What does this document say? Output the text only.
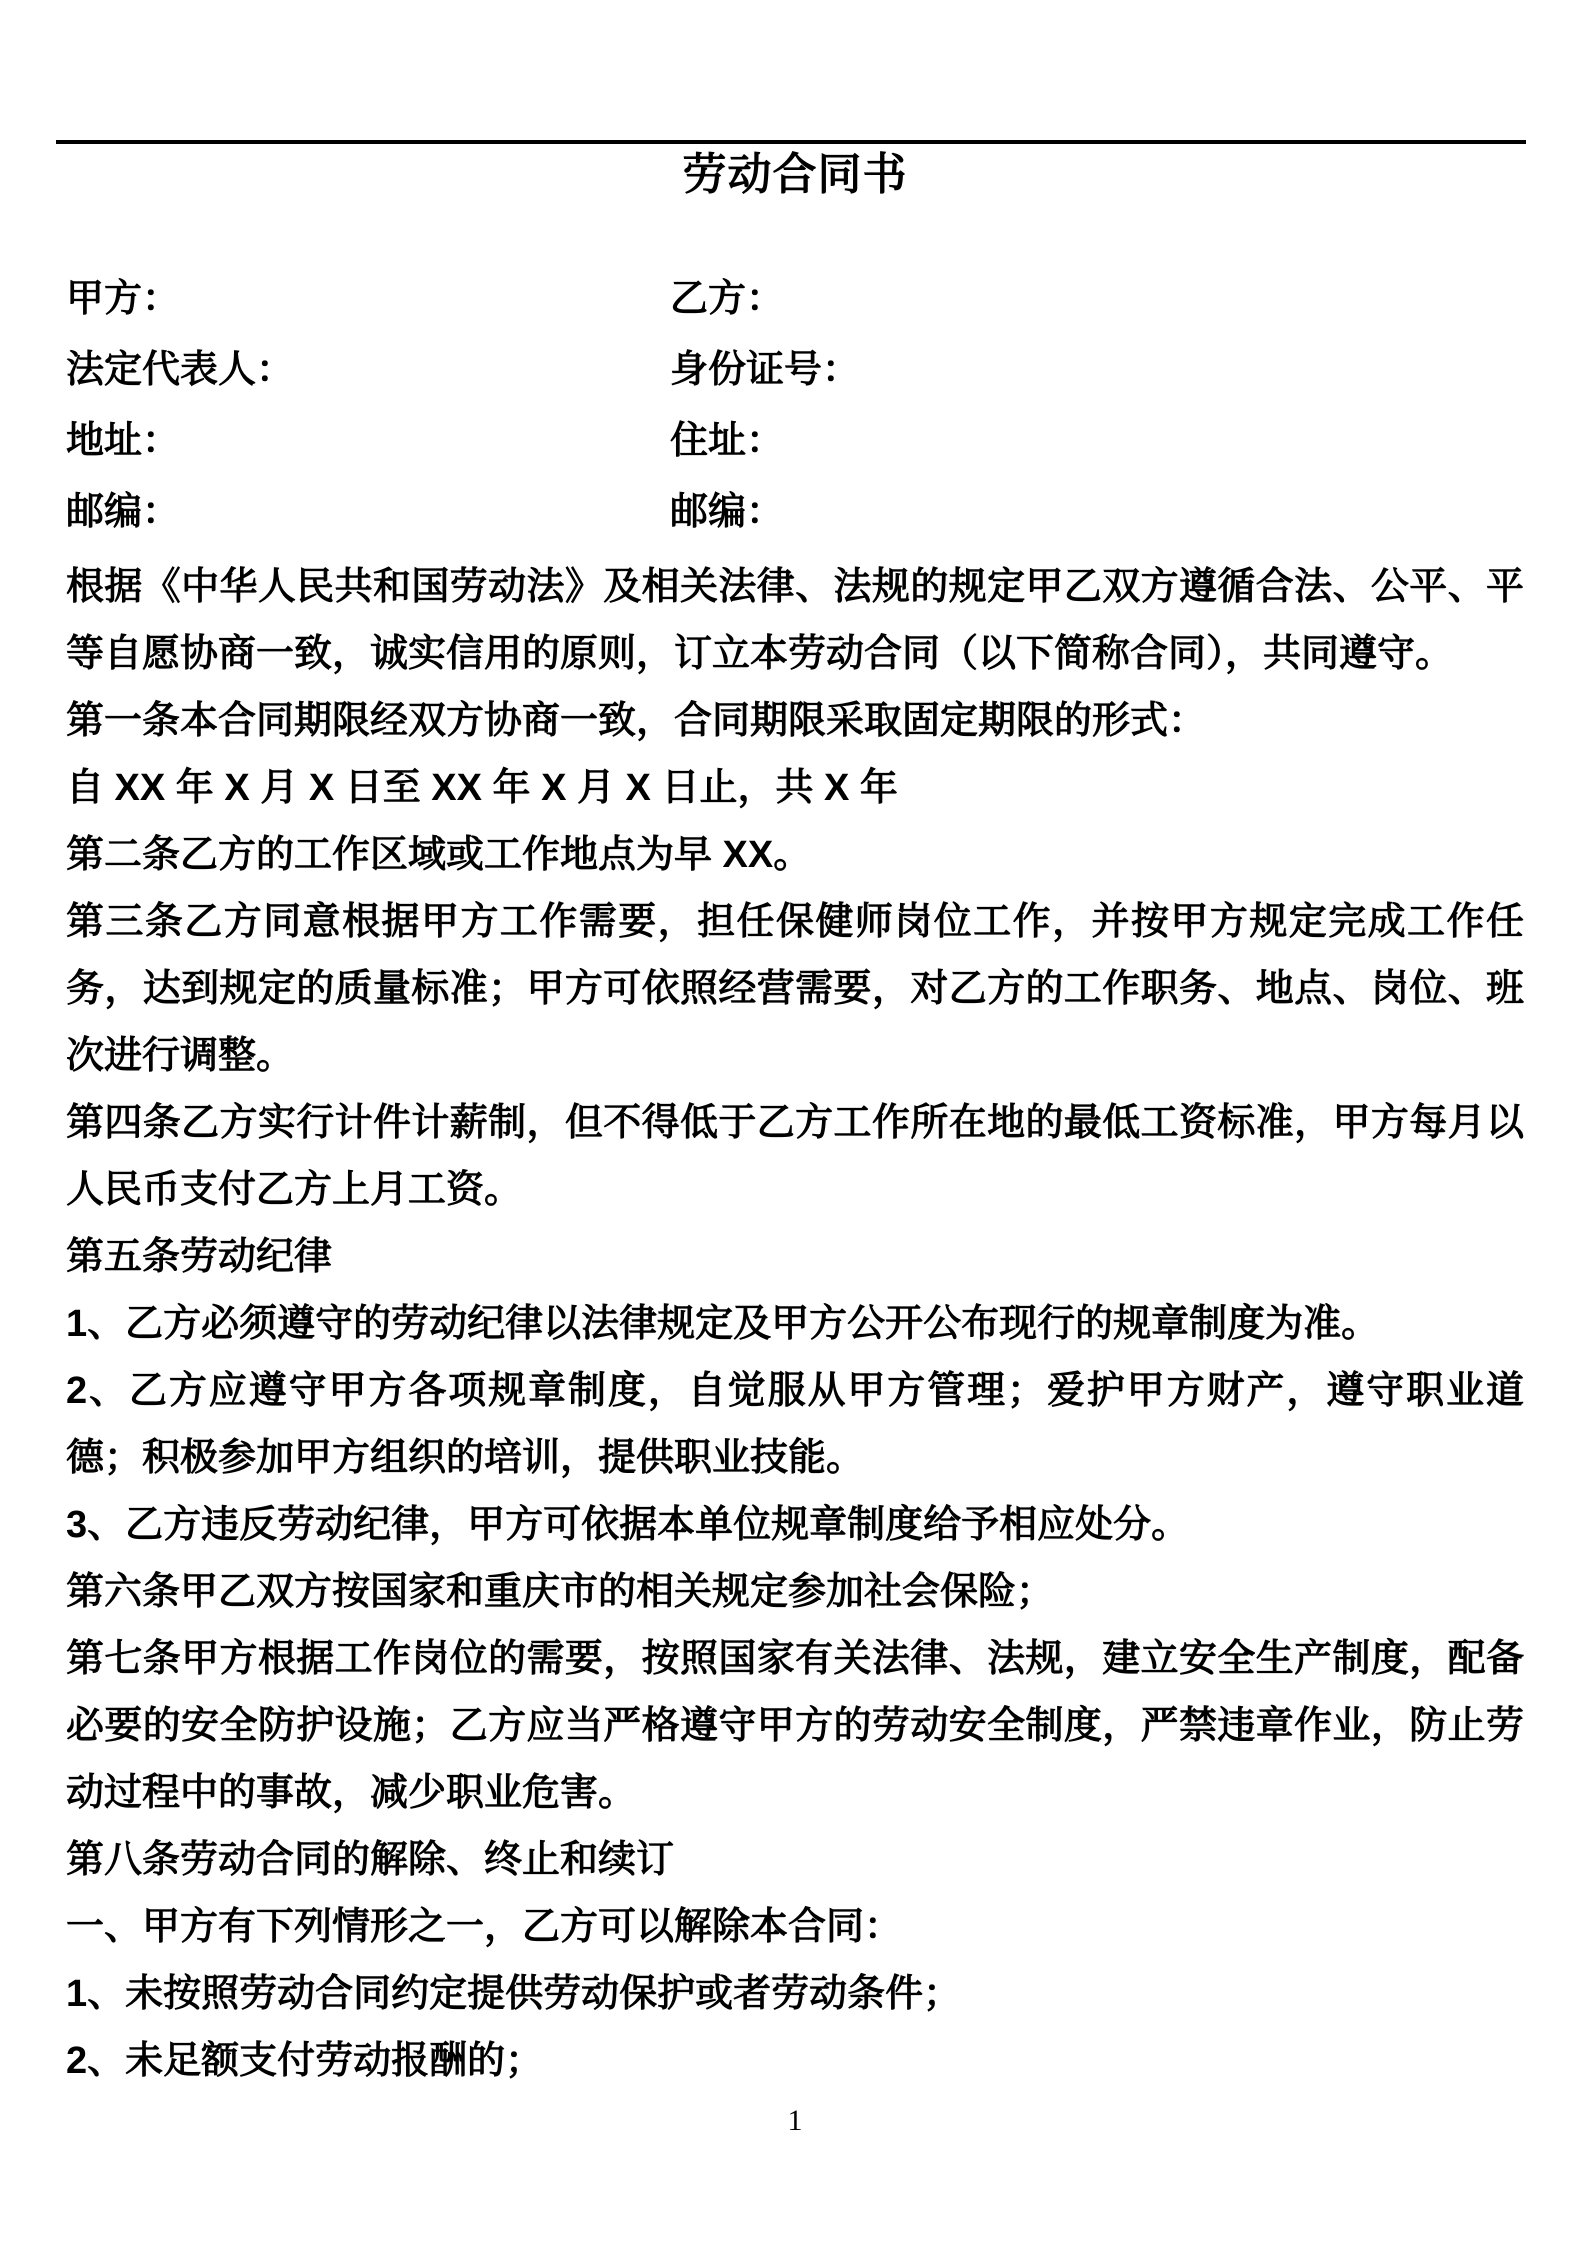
劳动合同书
甲方：	乙方：
法定代表人：	身份证号：
地址：	住址：
邮编：	邮编：

根据《中华人民共和国劳动法》及相关法律、法规的规定甲乙双方遵循合法、公平、平等自愿协商一致，诚实信用的原则，订立本劳动合同（以下简称合同），共同遵守。

第一条本合同期限经双方协商一致，合同期限采取固定期限的形式：

自 XX 年 X 月 X 日至 XX 年 X 月 X 日止，共 X 年

第二条乙方的工作区域或工作地点为早 XX。

第三条乙方同意根据甲方工作需要，担任保健师岗位工作，并按甲方规定完成工作任务，达到规定的质量标准；甲方可依照经营需要，对乙方的工作职务、地点、岗位、班次进行调整。

第四条乙方实行计件计薪制，但不得低于乙方工作所在地的最低工资标准，甲方每月以人民币支付乙方上月工资。

第五条劳动纪律

1、乙方必须遵守的劳动纪律以法律规定及甲方公开公布现行的规章制度为准。

2、乙方应遵守甲方各项规章制度，自觉服从甲方管理；爱护甲方财产，遵守职业道德；积极参加甲方组织的培训，提供职业技能。

3、乙方违反劳动纪律，甲方可依据本单位规章制度给予相应处分。

第六条甲乙双方按国家和重庆市的相关规定参加社会保险；

第七条甲方根据工作岗位的需要，按照国家有关法律、法规，建立安全生产制度，配备必要的安全防护设施；乙方应当严格遵守甲方的劳动安全制度，严禁违章作业，防止劳动过程中的事故，减少职业危害。

第八条劳动合同的解除、终止和续订

一、甲方有下列情形之一，乙方可以解除本合同：

1、未按照劳动合同约定提供劳动保护或者劳动条件；

2、未足额支付劳动报酬的；

1
